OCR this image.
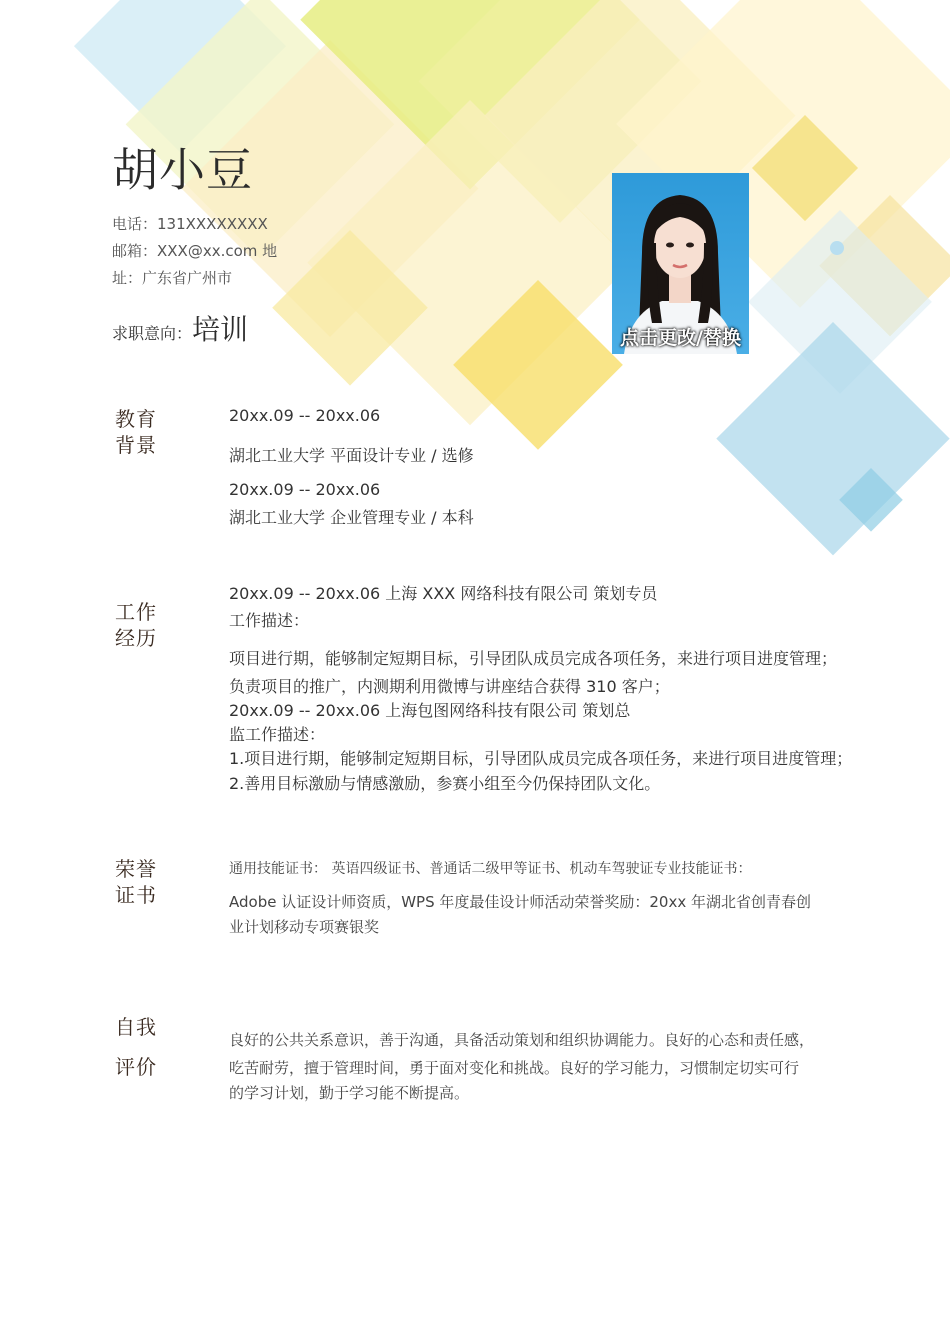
胡小豆
电话：131XXXXXXXX
邮箱：XXX@xx.com 地
址：广东省广州市
求职意向：培训	点击更改/替换
教育
背景
20xx.09 -- 20xx.06
湖北工业大学 平面设计专业 / 选修
20xx.09 -- 20xx.06
湖北工业大学 企业管理专业 / 本科
工作
经历
20xx.09 -- 20xx.06 上海 XXX 网络科技有限公司 策划专员
工作描述：
项目进行期，能够制定短期目标，引导团队成员完成各项任务，来进行项目进度管理；
负责项目的推广，内测期利用微博与讲座结合获得 310 客户；
20xx.09 -- 20xx.06 上海包图网络科技有限公司 策划总
监工作描述：
1.项目进行期，能够制定短期目标，引导团队成员完成各项任务，来进行项目进度管理；
2.善用目标激励与情感激励，参赛小组至今仍保持团队文化。
荣誉
证书
通用技能证书： 英语四级证书、普通话二级甲等证书、机动车驾驶证专业技能证书：
Adobe 认证设计师资质，WPS 年度最佳设计师活动荣誉奖励：20xx 年湖北省创青春创
业计划移动专项赛银奖
自我
评价
良好的公共关系意识，善于沟通，具备活动策划和组织协调能力。良好的心态和责任感，
吃苦耐劳，擅于管理时间，勇于面对变化和挑战。良好的学习能力，习惯制定切实可行
的学习计划，勤于学习能不断提高。
